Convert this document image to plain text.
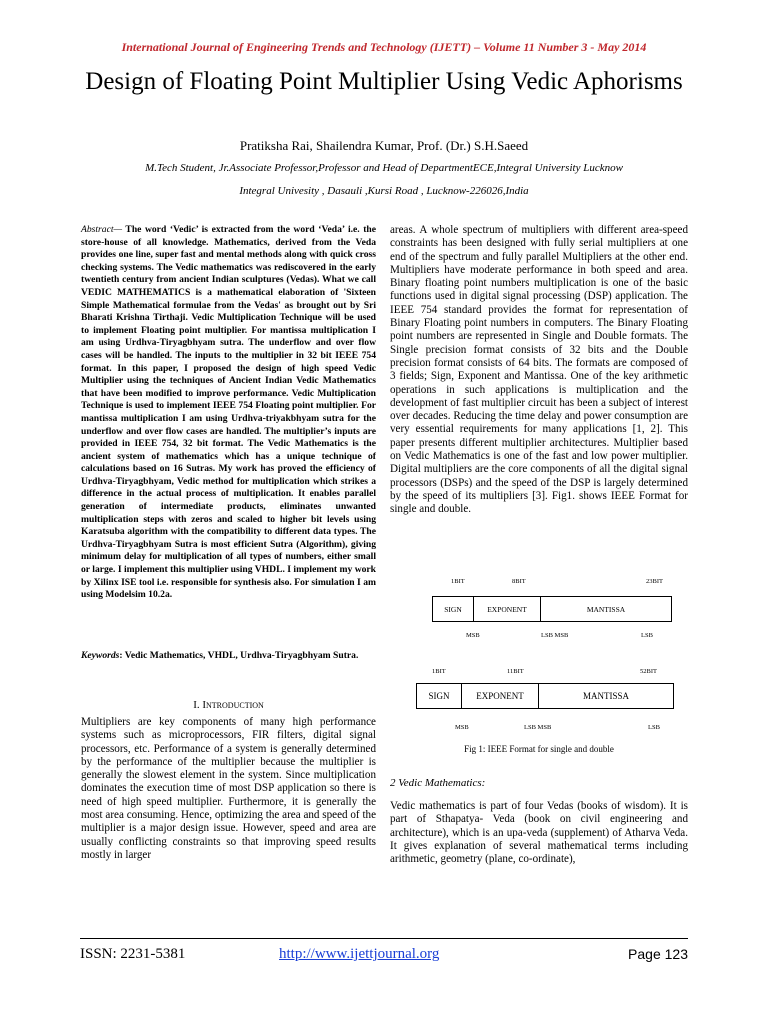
International Journal of Engineering Trends and Technology (IJETT) – Volume 11 Number 3 - May 2014
Design of Floating Point Multiplier Using Vedic Aphorisms
Pratiksha Rai, Shailendra Kumar, Prof. (Dr.) S.H.Saeed
M.Tech Student, Jr.Associate Professor,Professor and Head of DepartmentECE,Integral University Lucknow
Integral Univesity , Dasauli ,Kursi Road , Lucknow-226026,India
Abstract— The word ‘Vedic’ is extracted from the word ‘Veda’ i.e. the store-house of all knowledge. Mathematics, derived from the Veda provides one line, super fast and mental methods along with quick cross checking systems. The Vedic mathematics was rediscovered in the early twentieth century from ancient Indian sculptures (Vedas). What we call VEDIC MATHEMATICS is a mathematical elaboration of 'Sixteen Simple Mathematical formulae from the Vedas' as brought out by Sri Bharati Krishna Tirthaji. Vedic Multiplication Technique will be used to implement Floating point multiplier. For mantissa multiplication I am using Urdhva-Tiryagbhyam sutra. The underflow and over flow cases will be handled. The inputs to the multiplier in 32 bit IEEE 754 format. In this paper, I proposed the design of high speed Vedic Multiplier using the techniques of Ancient Indian Vedic Mathematics that have been modified to improve performance. Vedic Multiplication Technique is used to implement IEEE 754 Floating point multiplier. For mantissa multiplication I am using Urdhva-triyakbhyam sutra for the underflow and over flow cases are handled. The multiplier’s inputs are provided in IEEE 754, 32 bit format. The Vedic Mathematics is the ancient system of mathematics which has a unique technique of calculations based on 16 Sutras. My work has proved the efficiency of Urdhva-Tiryagbhyam, Vedic method for multiplication which strikes a difference in the actual process of multiplication. It enables parallel generation of intermediate products, eliminates unwanted multiplication steps with zeros and scaled to higher bit levels using Karatsuba algorithm with the compatibility to different data types. The Urdhva-Tiryagbhyam Sutra is most efficient Sutra (Algorithm), giving minimum delay for multiplication of all types of numbers, either small or large. I implement this multiplier using VHDL. I implement my work by Xilinx ISE tool i.e. responsible for synthesis also. For simulation I am using Modelsim 10.2a.
Keywords: Vedic Mathematics, VHDL, Urdhva-Tiryagbhyam Sutra.
I. Introduction
Multipliers are key components of many high performance systems such as microprocessors, FIR filters, digital signal processors, etc. Performance of a system is generally determined by the performance of the multiplier because the multiplier is generally the slowest element in the system. Since multiplication dominates the execution time of most DSP application so there is need of high speed multiplier. Furthermore, it is generally the most area consuming. Hence, optimizing the area and speed of the multiplier is a major design issue. However, speed and area are usually conflicting constraints so that improving speed results mostly in larger
areas. A whole spectrum of multipliers with different area-speed constraints has been designed with fully serial multipliers at one end of the spectrum and fully parallel Multipliers at the other end. Multipliers have moderate performance in both speed and area. Binary floating point numbers multiplication is one of the basic functions used in digital signal processing (DSP) application. The IEEE 754 standard provides the format for representation of Binary Floating point numbers in computers. The Binary Floating point numbers are represented in Single and Double formats. The Single precision format consists of 32 bits and the Double precision format consists of 64 bits. The formats are composed of 3 fields; Sign, Exponent and Mantissa. One of the key arithmetic operations in such applications is multiplication and the development of fast multiplier circuit has been a subject of interest over decades. Reducing the time delay and power consumption are very essential requirements for many applications [1, 2]. This paper presents different multiplier architectures. Multiplier based on Vedic Mathematics is one of the fast and low power multiplier. Digital multipliers are the core components of all the digital signal processors (DSPs) and the speed of the DSP is largely determined by the speed of its multipliers [3]. Fig1. shows IEEE Format for single and double.
1BIT	8BIT	23BIT
SIGN	EXPONENT	MANTISSA
MSB	LSB MSB	LSB
1BIT	11BIT	52BIT
SIGN	EXPONENT	MANTISSA
MSB	LSB MSB	LSB
Fig 1: IEEE Format for single and double
2 Vedic Mathematics:
Vedic mathematics is part of four Vedas (books of wisdom). It is part of Sthapatya- Veda (book on civil engineering and architecture), which is an upa-veda (supplement) of Atharva Veda. It gives explanation of several mathematical terms including arithmetic, geometry (plane, co-ordinate),
ISSN: 2231-5381	http://www.ijettjournal.org	Page 123
